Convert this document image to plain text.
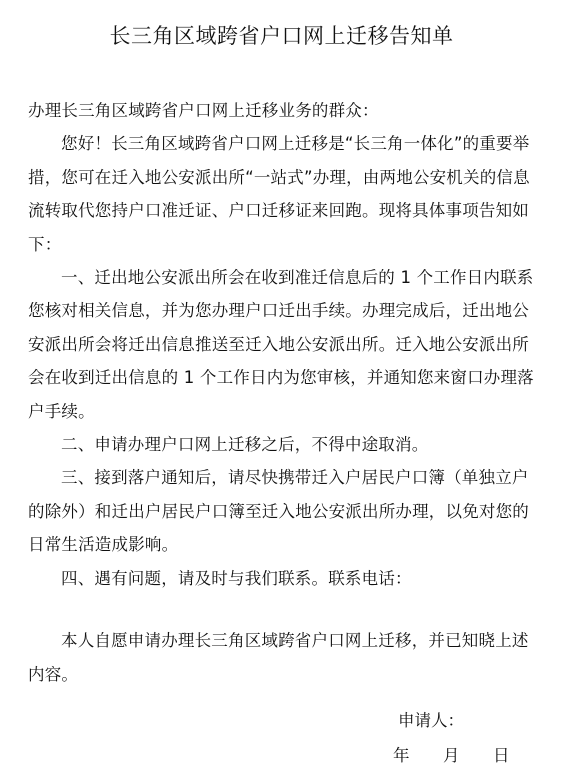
长三角区域跨省户口网上迁移告知单

办理长三角区域跨省户口网上迁移业务的群众：

您好！长三角区域跨省户口网上迁移是“长三角一体化”的重要举措，您可在迁入地公安派出所“一站式”办理，由两地公安机关的信息流转取代您持户口准迁证、户口迁移证来回跑。现将具体事项告知如下：

一、迁出地公安派出所会在收到准迁信息后的 1 个工作日内联系您核对相关信息，并为您办理户口迁出手续。办理完成后，迁出地公安派出所会将迁出信息推送至迁入地公安派出所。迁入地公安派出所会在收到迁出信息的 1 个工作日内为您审核，并通知您来窗口办理落户手续。

二、申请办理户口网上迁移之后，不得中途取消。

三、接到落户通知后，请尽快携带迁入户居民户口簿（单独立户的除外）和迁出户居民户口簿至迁入地公安派出所办理，以免对您的日常生活造成影响。

四、遇有问题，请及时与我们联系。联系电话：

本人自愿申请办理长三角区域跨省户口网上迁移，并已知晓上述内容。

申请人：
年 月 日
